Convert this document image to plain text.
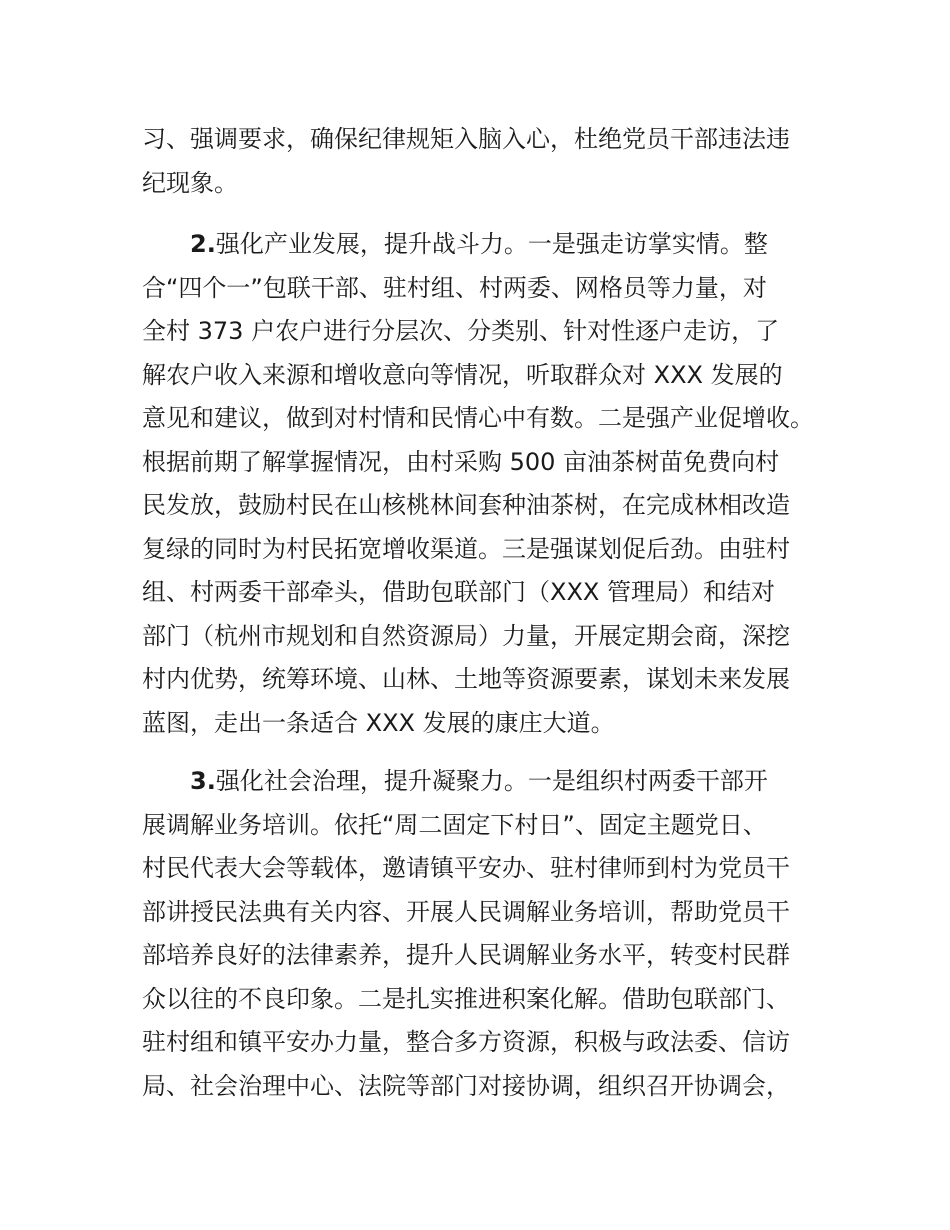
习、强调要求，确保纪律规矩入脑入心，杜绝党员干部违法违
纪现象。
2.强化产业发展，提升战斗力。一是强走访掌实情。整
合“四个一”包联干部、驻村组、村两委、网格员等力量，对
全村 373 户农户进行分层次、分类别、针对性逐户走访，了
解农户收入来源和增收意向等情况，听取群众对 XXX 发展的
意见和建议，做到对村情和民情心中有数。二是强产业促增收。
根据前期了解掌握情况，由村采购 500 亩油茶树苗免费向村
民发放，鼓励村民在山核桃林间套种油茶树，在完成林相改造
复绿的同时为村民拓宽增收渠道。三是强谋划促后劲。由驻村
组、村两委干部牵头，借助包联部门（XXX 管理局）和结对
部门（杭州市规划和自然资源局）力量，开展定期会商，深挖
村内优势，统筹环境、山林、土地等资源要素，谋划未来发展
蓝图，走出一条适合 XXX 发展的康庄大道。
3.强化社会治理，提升凝聚力。一是组织村两委干部开
展调解业务培训。依托“周二固定下村日”、固定主题党日、
村民代表大会等载体，邀请镇平安办、驻村律师到村为党员干
部讲授民法典有关内容、开展人民调解业务培训，帮助党员干
部培养良好的法律素养，提升人民调解业务水平，转变村民群
众以往的不良印象。二是扎实推进积案化解。借助包联部门、
驻村组和镇平安办力量，整合多方资源，积极与政法委、信访
局、社会治理中心、法院等部门对接协调，组织召开协调会，
